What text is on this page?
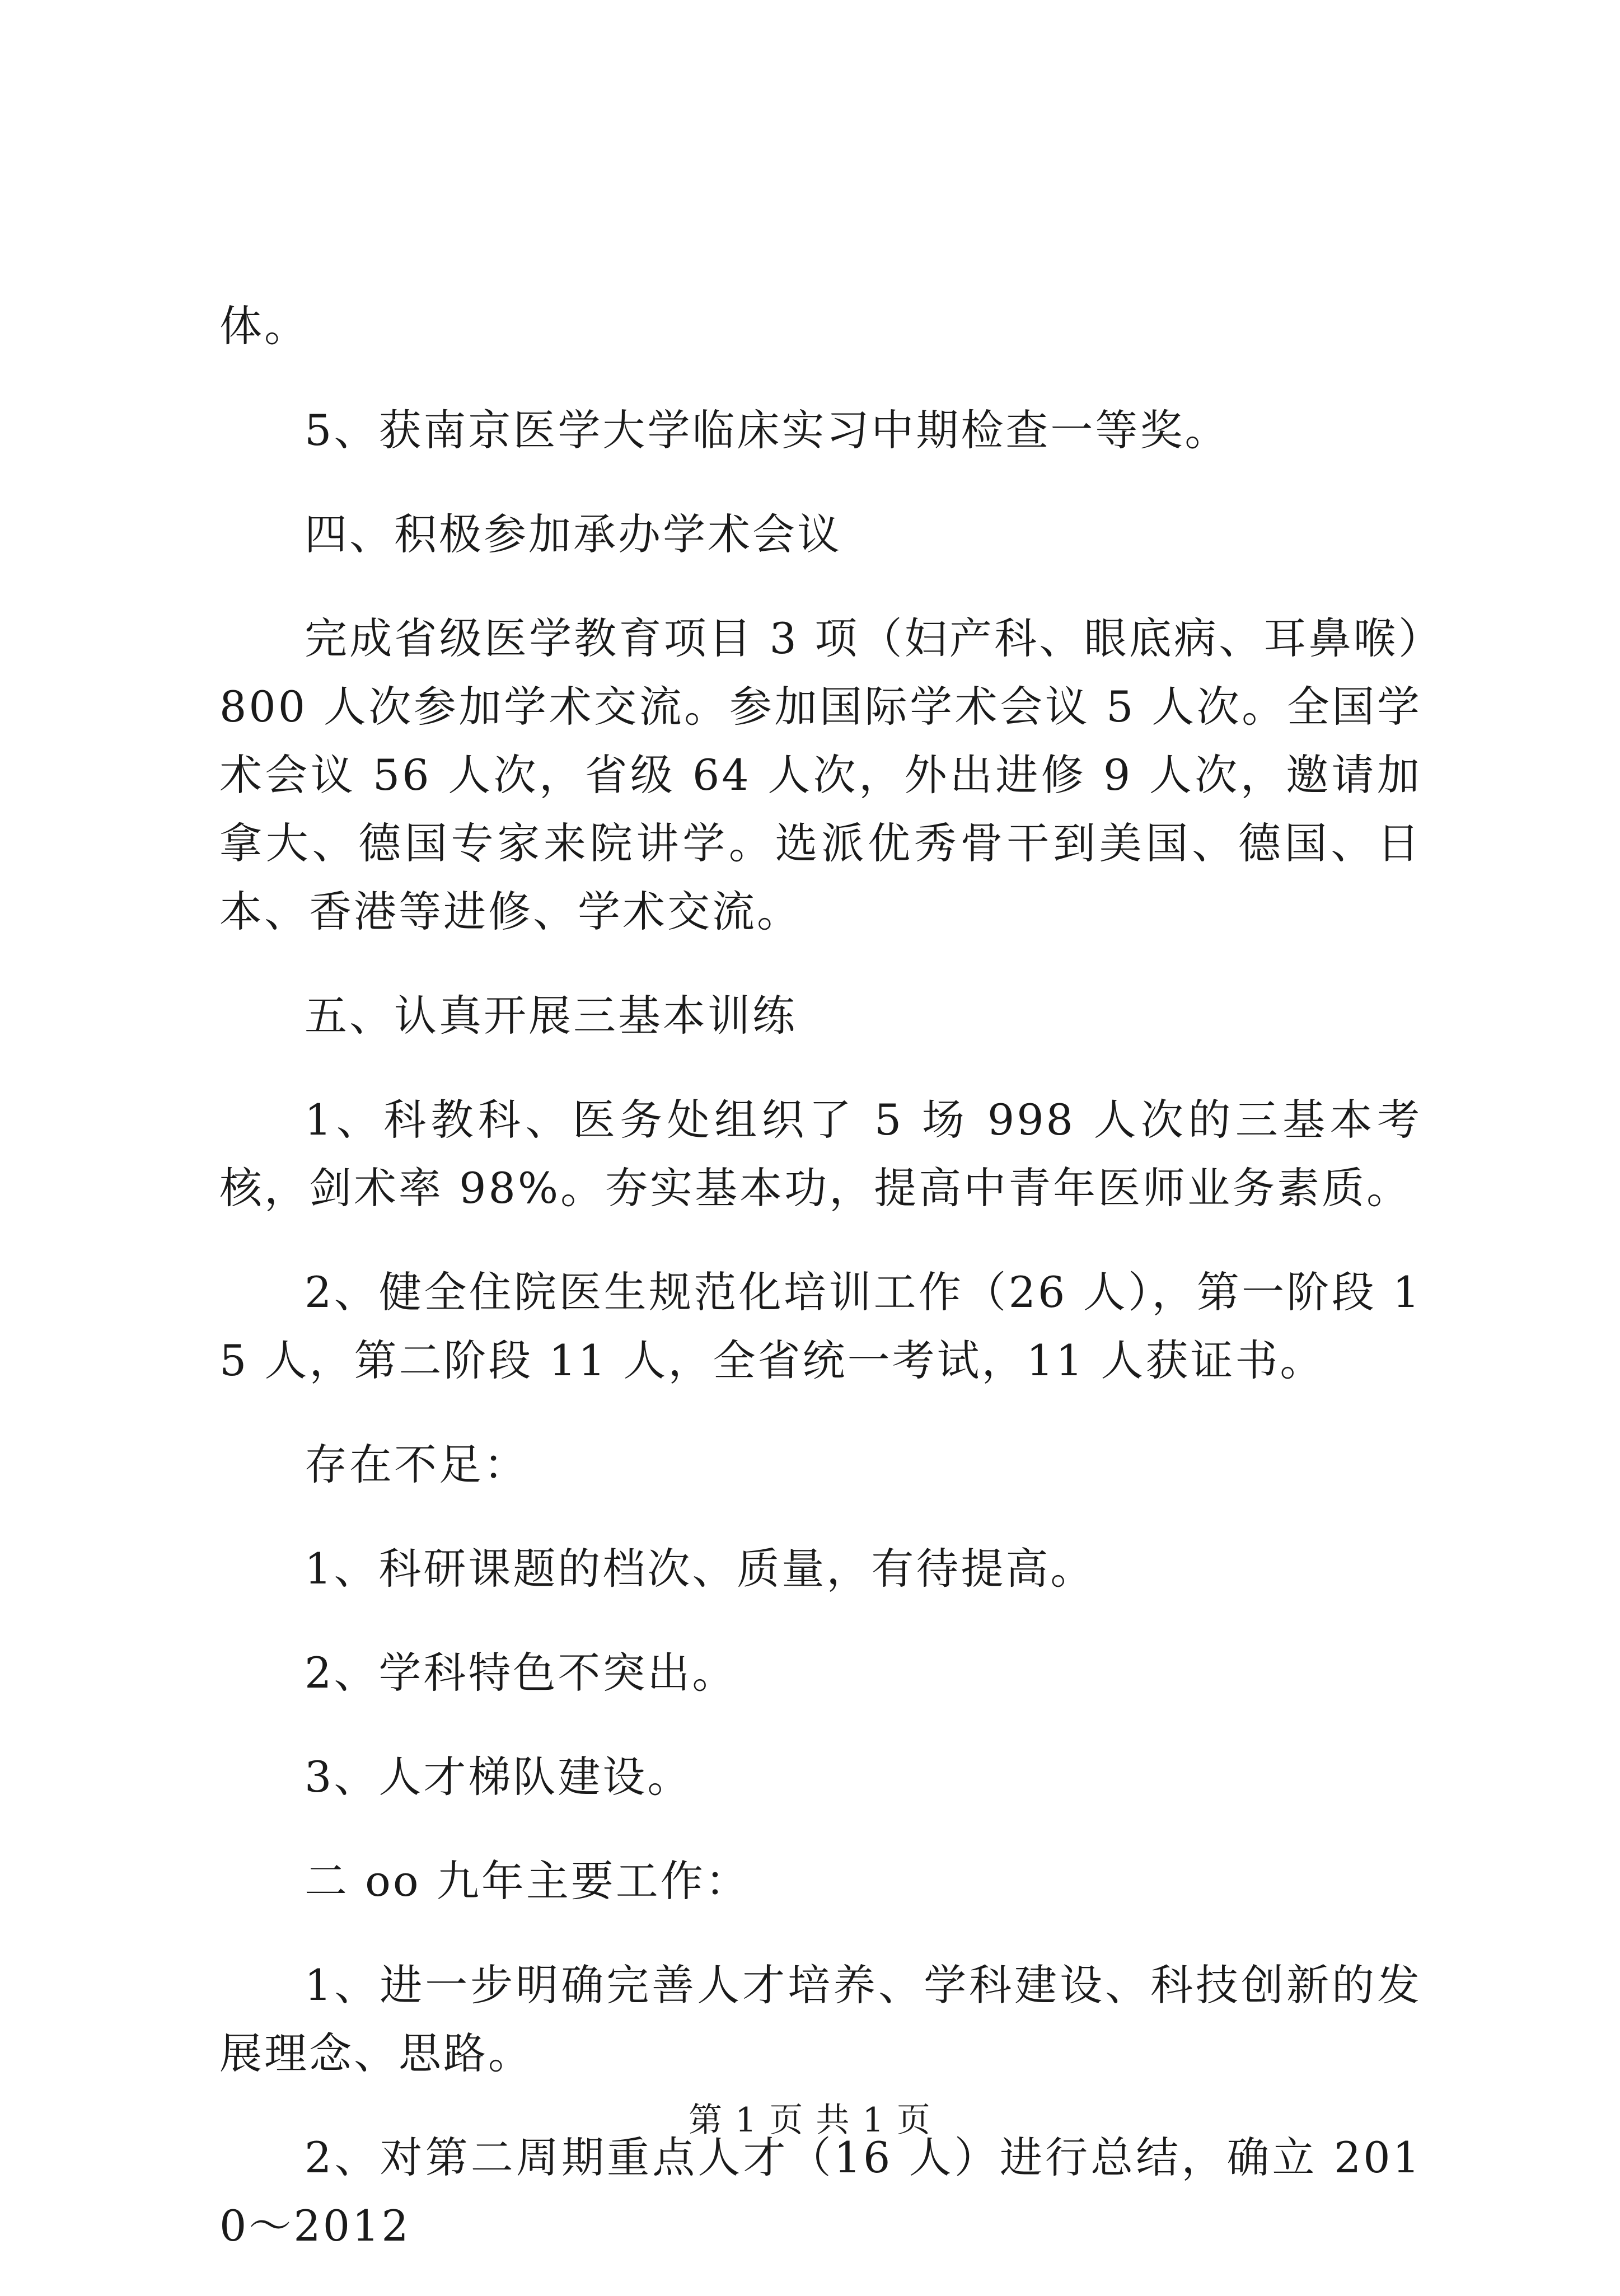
体。

5、获南京医学大学临床实习中期检查一等奖。

四、积极参加承办学术会议

完成省级医学教育项目 3 项（妇产科、眼底病、耳鼻喉）800 人次参加学术交流。参加国际学术会议 5 人次。全国学术会议 56 人次，省级 64 人次，外出进修 9 人次，邀请加拿大、德国专家来院讲学。选派优秀骨干到美国、德国、日本、香港等进修、学术交流。

五、认真开展三基本训练

1、科教科、医务处组织了 5 场 998 人次的三基本考核，剑术率 98%。夯实基本功，提高中青年医师业务素质。

2、健全住院医生规范化培训工作（26 人），第一阶段 15 人，第二阶段 11 人，全省统一考试，11 人获证书。

存在不足：

1、科研课题的档次、质量，有待提高。

2、学科特色不突出。

3、人才梯队建设。

二 oo 九年主要工作：

1、进一步明确完善人才培养、学科建设、科技创新的发展理念、思路。

2、对第二周期重点人才（16 人）进行总结，确立 2010～2012

第 1 页 共 1 页
